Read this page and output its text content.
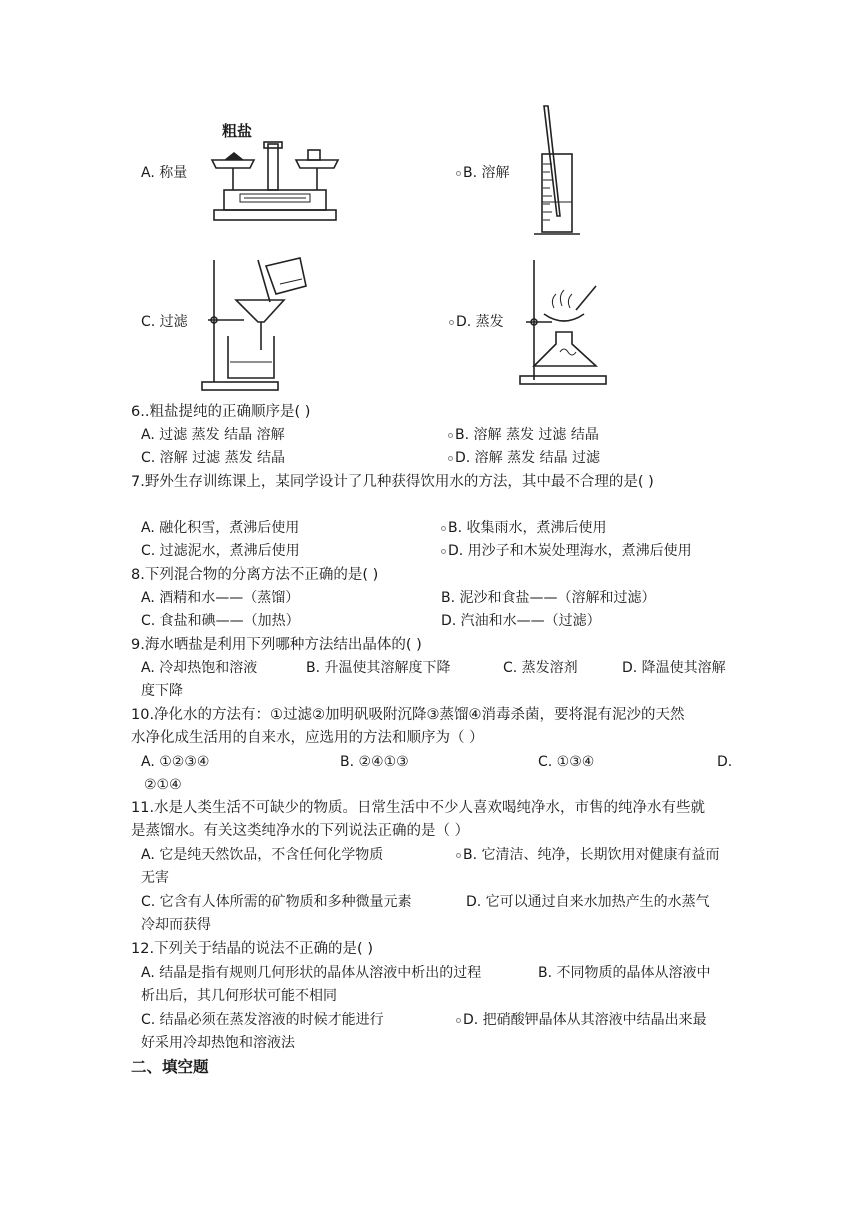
A. 称量
粗盐
B. 溶解
C. 过滤	D. 蒸发
6..粗盐提纯的正确顺序是( )
A. 过滤 蒸发 结晶 溶解	B. 溶解 蒸发 过滤 结晶
C. 溶解 过滤 蒸发 结晶	D. 溶解 蒸发 结晶 过滤
7.野外生存训练课上，某同学设计了几种获得饮用水的方法，其中最不合理的是( )
A. 融化积雪，煮沸后使用	B. 收集雨水，煮沸后使用
C. 过滤泥水，煮沸后使用	D. 用沙子和木炭处理海水，煮沸后使用
8.下列混合物的分离方法不正确的是( )
A. 酒精和水——（蒸馏）	B. 泥沙和食盐——（溶解和过滤）
C. 食盐和碘——（加热）	D. 汽油和水——（过滤）
9.海水晒盐是利用下列哪种方法结出晶体的( )
A. 冷却热饱和溶液	B. 升温使其溶解度下降	C. 蒸发溶剂	D. 降温使其溶解
度下降
10.净化水的方法有：①过滤②加明矾吸附沉降③蒸馏④消毒杀菌，要将混有泥沙的天然
水净化成生活用的自来水，应选用的方法和顺序为（ ）
A. ①②③④	B. ②④①③	C. ①③④	D.
②①④
11.水是人类生活不可缺少的物质。日常生活中不少人喜欢喝纯净水，市售的纯净水有些就
是蒸馏水。有关这类纯净水的下列说法正确的是（ ）
A. 它是纯天然饮品，不含任何化学物质	B. 它清洁、纯净，长期饮用对健康有益而
无害
C. 它含有人体所需的矿物质和多种微量元素	D. 它可以通过自来水加热产生的水蒸气
冷却而获得
12.下列关于结晶的说法不正确的是( )
A. 结晶是指有规则几何形状的晶体从溶液中析出的过程	B. 不同物质的晶体从溶液中
析出后，其几何形状可能不相同
C. 结晶必须在蒸发溶液的时候才能进行	D. 把硝酸钾晶体从其溶液中结晶出来最
好采用冷却热饱和溶液法
二、填空题
